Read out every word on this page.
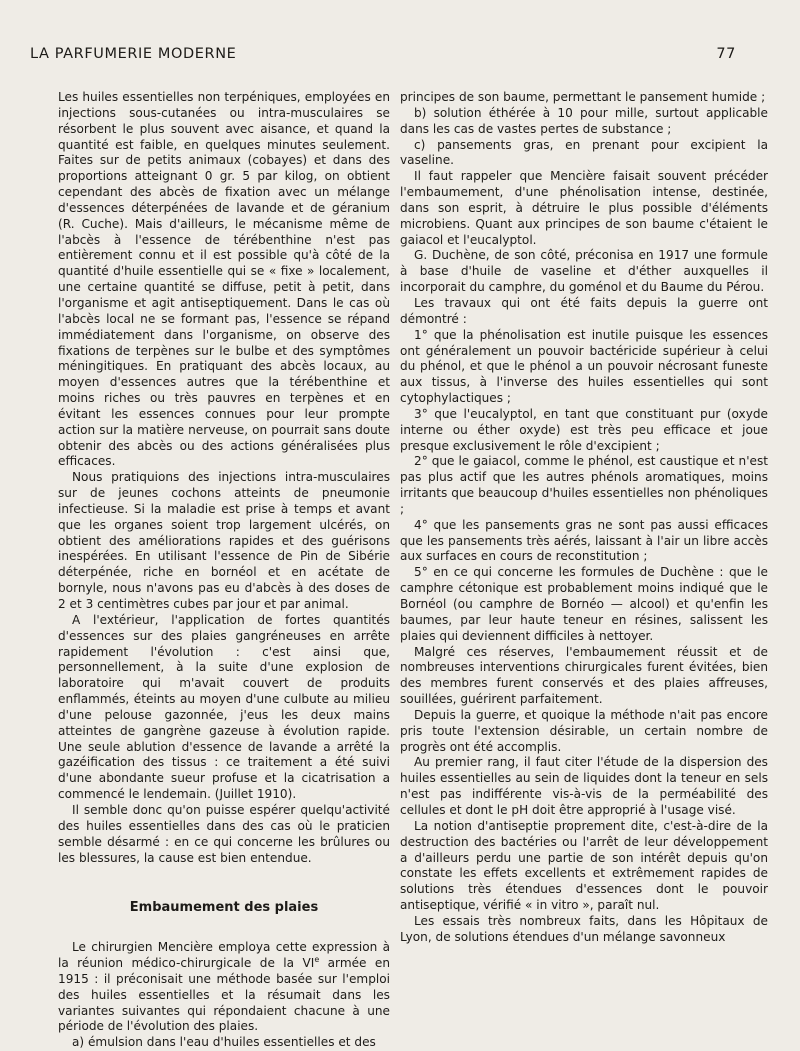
LA PARFUMERIE MODERNE	77

Les huiles essentielles non terpéniques, employées en injections sous-cutanées ou intra-musculaires se résorbent le plus souvent avec aisance, et quand la quantité est faible, en quelques minutes seulement. Faites sur de petits animaux (cobayes) et dans des proportions atteignant 0 gr. 5 par kilog, on obtient cependant des abcès de fixation avec un mélange d'essences déterpénées de lavande et de géranium (R. Cuche). Mais d'ailleurs, le mécanisme même de l'abcès à l'essence de térébenthine n'est pas entièrement connu et il est possible qu'à côté de la quantité d'huile essentielle qui se « fixe » localement, une certaine quantité se diffuse, petit à petit, dans l'organisme et agit antiseptiquement. Dans le cas où l'abcès local ne se formant pas, l'essence se répand immédiatement dans l'organisme, on observe des fixations de terpènes sur le bulbe et des symptômes méningitiques. En pratiquant des abcès locaux, au moyen d'essences autres que la térébenthine et moins riches ou très pauvres en terpènes et en évitant les essences connues pour leur prompte action sur la matière nerveuse, on pourrait sans doute obtenir des abcès ou des actions généralisées plus efficaces.

Nous pratiquions des injections intra-musculaires sur de jeunes cochons atteints de pneumonie infectieuse. Si la maladie est prise à temps et avant que les organes soient trop largement ulcérés, on obtient des améliorations rapides et des guérisons inespérées. En utilisant l'essence de Pin de Sibérie déterpénée, riche en bornéol et en acétate de bornyle, nous n'avons pas eu d'abcès à des doses de 2 et 3 centimètres cubes par jour et par animal.

A l'extérieur, l'application de fortes quantités d'essences sur des plaies gangréneuses en arrête rapidement l'évolution : c'est ainsi que, personnellement, à la suite d'une explosion de laboratoire qui m'avait couvert de produits enflammés, éteints au moyen d'une culbute au milieu d'une pelouse gazonnée, j'eus les deux mains atteintes de gangrène gazeuse à évolution rapide. Une seule ablution d'essence de lavande a arrêté la gazéification des tissus : ce traitement a été suivi d'une abondante sueur profuse et la cicatrisation a commencé le lendemain. (Juillet 1910).

Il semble donc qu'on puisse espérer quelqu'activité des huiles essentielles dans des cas où le praticien semble désarmé : en ce qui concerne les brûlures ou les blessures, la cause est bien entendue.

Embaumement des plaies

Le chirurgien Mencière employa cette expression à la réunion médico-chirurgicale de la VIe armée en 1915 : il préconisait une méthode basée sur l'emploi des huiles essentielles et la résumait dans les variantes suivantes qui répondaient chacune à une période de l'évolution des plaies.

a) émulsion dans l'eau d'huiles essentielles et des

principes de son baume, permettant le pansement humide ;

b) solution éthérée à 10 pour mille, surtout applicable dans les cas de vastes pertes de substance ;

c) pansements gras, en prenant pour excipient la vaseline.

Il faut rappeler que Mencière faisait souvent précéder l'embaumement, d'une phénolisation intense, destinée, dans son esprit, à détruire le plus possible d'éléments microbiens. Quant aux principes de son baume c'étaient le gaiacol et l'eucalyptol.

G. Duchène, de son côté, préconisa en 1917 une formule à base d'huile de vaseline et d'éther auxquelles il incorporait du camphre, du goménol et du Baume du Pérou.

Les travaux qui ont été faits depuis la guerre ont démontré :

1° que la phénolisation est inutile puisque les essences ont généralement un pouvoir bactéricide supérieur à celui du phénol, et que le phénol a un pouvoir nécrosant funeste aux tissus, à l'inverse des huiles essentielles qui sont cytophylactiques ;

3° que l'eucalyptol, en tant que constituant pur (oxyde interne ou éther oxyde) est très peu efficace et joue presque exclusivement le rôle d'excipient ;

2° que le gaiacol, comme le phénol, est caustique et n'est pas plus actif que les autres phénols aromatiques, moins irritants que beaucoup d'huiles essentielles non phénoliques ;

4° que les pansements gras ne sont pas aussi efficaces que les pansements très aérés, laissant à l'air un libre accès aux surfaces en cours de reconstitution ;

5° en ce qui concerne les formules de Duchène : que le camphre cétonique est probablement moins indiqué que le Bornéol (ou camphre de Bornéo — alcool) et qu'enfin les baumes, par leur haute teneur en résines, salissent les plaies qui deviennent difficiles à nettoyer.

Malgré ces réserves, l'embaumement réussit et de nombreuses interventions chirurgicales furent évitées, bien des membres furent conservés et des plaies affreuses, souillées, guérirent parfaitement.

Depuis la guerre, et quoique la méthode n'ait pas encore pris toute l'extension désirable, un certain nombre de progrès ont été accomplis.

Au premier rang, il faut citer l'étude de la dispersion des huiles essentielles au sein de liquides dont la teneur en sels n'est pas indifférente vis-à-vis de la perméabilité des cellules et dont le pH doit être approprié à l'usage visé.

La notion d'antiseptie proprement dite, c'est-à-dire de la destruction des bactéries ou l'arrêt de leur développement a d'ailleurs perdu une partie de son intérêt depuis qu'on constate les effets excellents et extrêmement rapides de solutions très étendues d'essences dont le pouvoir antiseptique, vérifié « in vitro », paraît nul.

Les essais très nombreux faits, dans les Hôpitaux de Lyon, de solutions étendues d'un mélange savonneux
